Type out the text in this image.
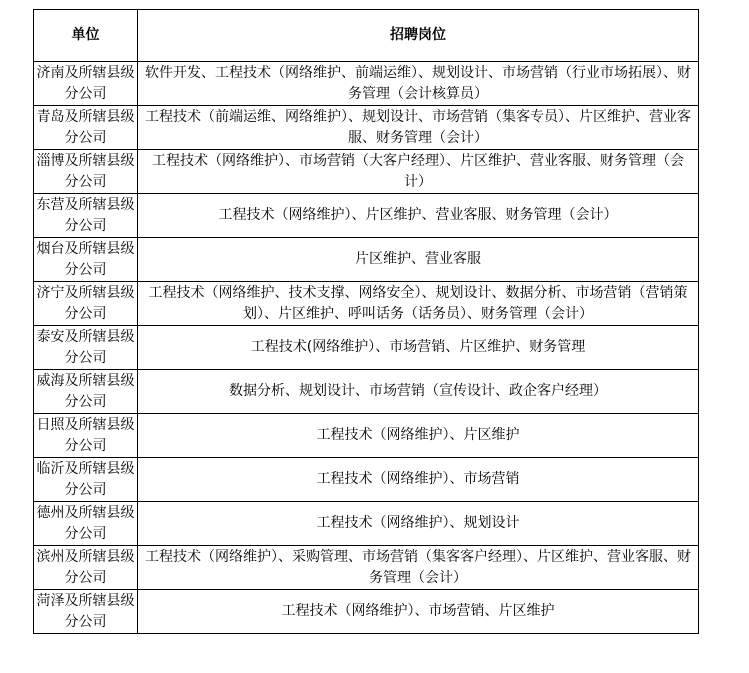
单位	招聘岗位
济南及所辖县级分公司	软件开发、工程技术（网络维护、前端运维）、规划设计、市场营销（行业市场拓展）、财务管理（会计核算员）
青岛及所辖县级分公司	工程技术（前端运维、网络维护）、规划设计、市场营销（集客专员）、片区维护、营业客服、财务管理（会计）
淄博及所辖县级分公司	工程技术（网络维护）、市场营销（大客户经理）、片区维护、营业客服、财务管理（会计）
东营及所辖县级分公司	工程技术（网络维护）、片区维护、营业客服、财务管理（会计）
烟台及所辖县级分公司	片区维护、营业客服
济宁及所辖县级分公司	工程技术（网络维护、技术支撑、网络安全）、规划设计、数据分析、市场营销（营销策划）、片区维护、呼叫话务（话务员）、财务管理（会计）
泰安及所辖县级分公司	工程技术(网络维护）、市场营销、片区维护、财务管理
威海及所辖县级分公司	数据分析、规划设计、市场营销（宣传设计、政企客户经理）
日照及所辖县级分公司	工程技术（网络维护）、片区维护
临沂及所辖县级分公司	工程技术（网络维护）、市场营销
德州及所辖县级分公司	工程技术（网络维护）、规划设计
滨州及所辖县级分公司	工程技术（网络维护）、采购管理、市场营销（集客客户经理）、片区维护、营业客服、财务管理（会计）
菏泽及所辖县级分公司	工程技术（网络维护）、市场营销、片区维护
